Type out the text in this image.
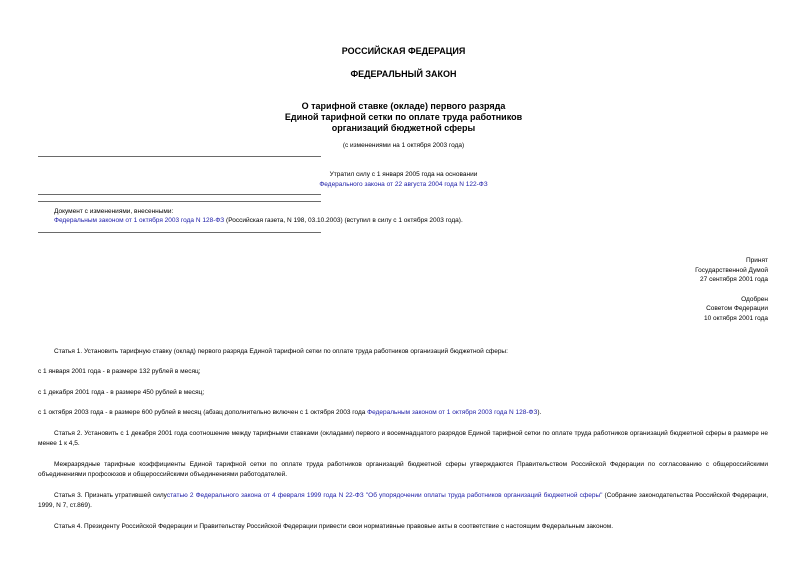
РОССИЙСКАЯ ФЕДЕРАЦИЯ
ФЕДЕРАЛЬНЫЙ ЗАКОН
О тарифной ставке (окладе) первого разряда
Единой тарифной сетки по оплате труда работников
организаций бюджетной сферы
(с изменениями на 1 октября 2003 года)
Утратил силу с 1 января 2005 года на основании
Федерального закона от 22 августа 2004 года N 122-ФЗ
Документ с изменениями, внесенными:
Федеральным законом от 1 октября 2003 года N 128-ФЗ (Российская газета, N 198, 03.10.2003) (вступил в силу с 1 октября 2003 года).
Принят
Государственной Думой
27 сентября 2001 года
Одобрен
Советом Федерации
10 октября 2001 года
Статья 1. Установить тарифную ставку (оклад) первого разряда Единой тарифной сетки по оплате труда работников организаций бюджетной сферы:
с 1 января 2001 года - в размере 132 рублей в месяц;
с 1 декабря 2001 года - в размере 450 рублей в месяц;
с 1 октября 2003 года - в размере 600 рублей в месяц (абзац дополнительно включен с 1 октября 2003 года Федеральным законом от 1 октября 2003 года N 128-ФЗ).
Статья 2. Установить с 1 декабря 2001 года соотношение между тарифными ставками (окладами) первого и восемнадцатого разрядов Единой тарифной сетки по оплате труда работников организаций бюджетной сферы в размере не менее 1 к 4,5.
Межразрядные тарифные коэффициенты Единой тарифной сетки по оплате труда работников организаций бюджетной сферы утверждаются Правительством Российской Федерации по согласованию с общероссийскими объединениями профсоюзов и общероссийскими объединениями работодателей.
Статья 3. Признать утратившей силустатью 2 Федерального закона от 4 февраля 1999 года N 22-ФЗ "Об упорядочении оплаты труда работников организаций бюджетной сферы" (Собрание законодательства Российской Федерации, 1999, N 7, ст.869).
Статья 4. Президенту Российской Федерации и Правительству Российской Федерации привести свои нормативные правовые акты в соответствие с настоящим Федеральным законом.
